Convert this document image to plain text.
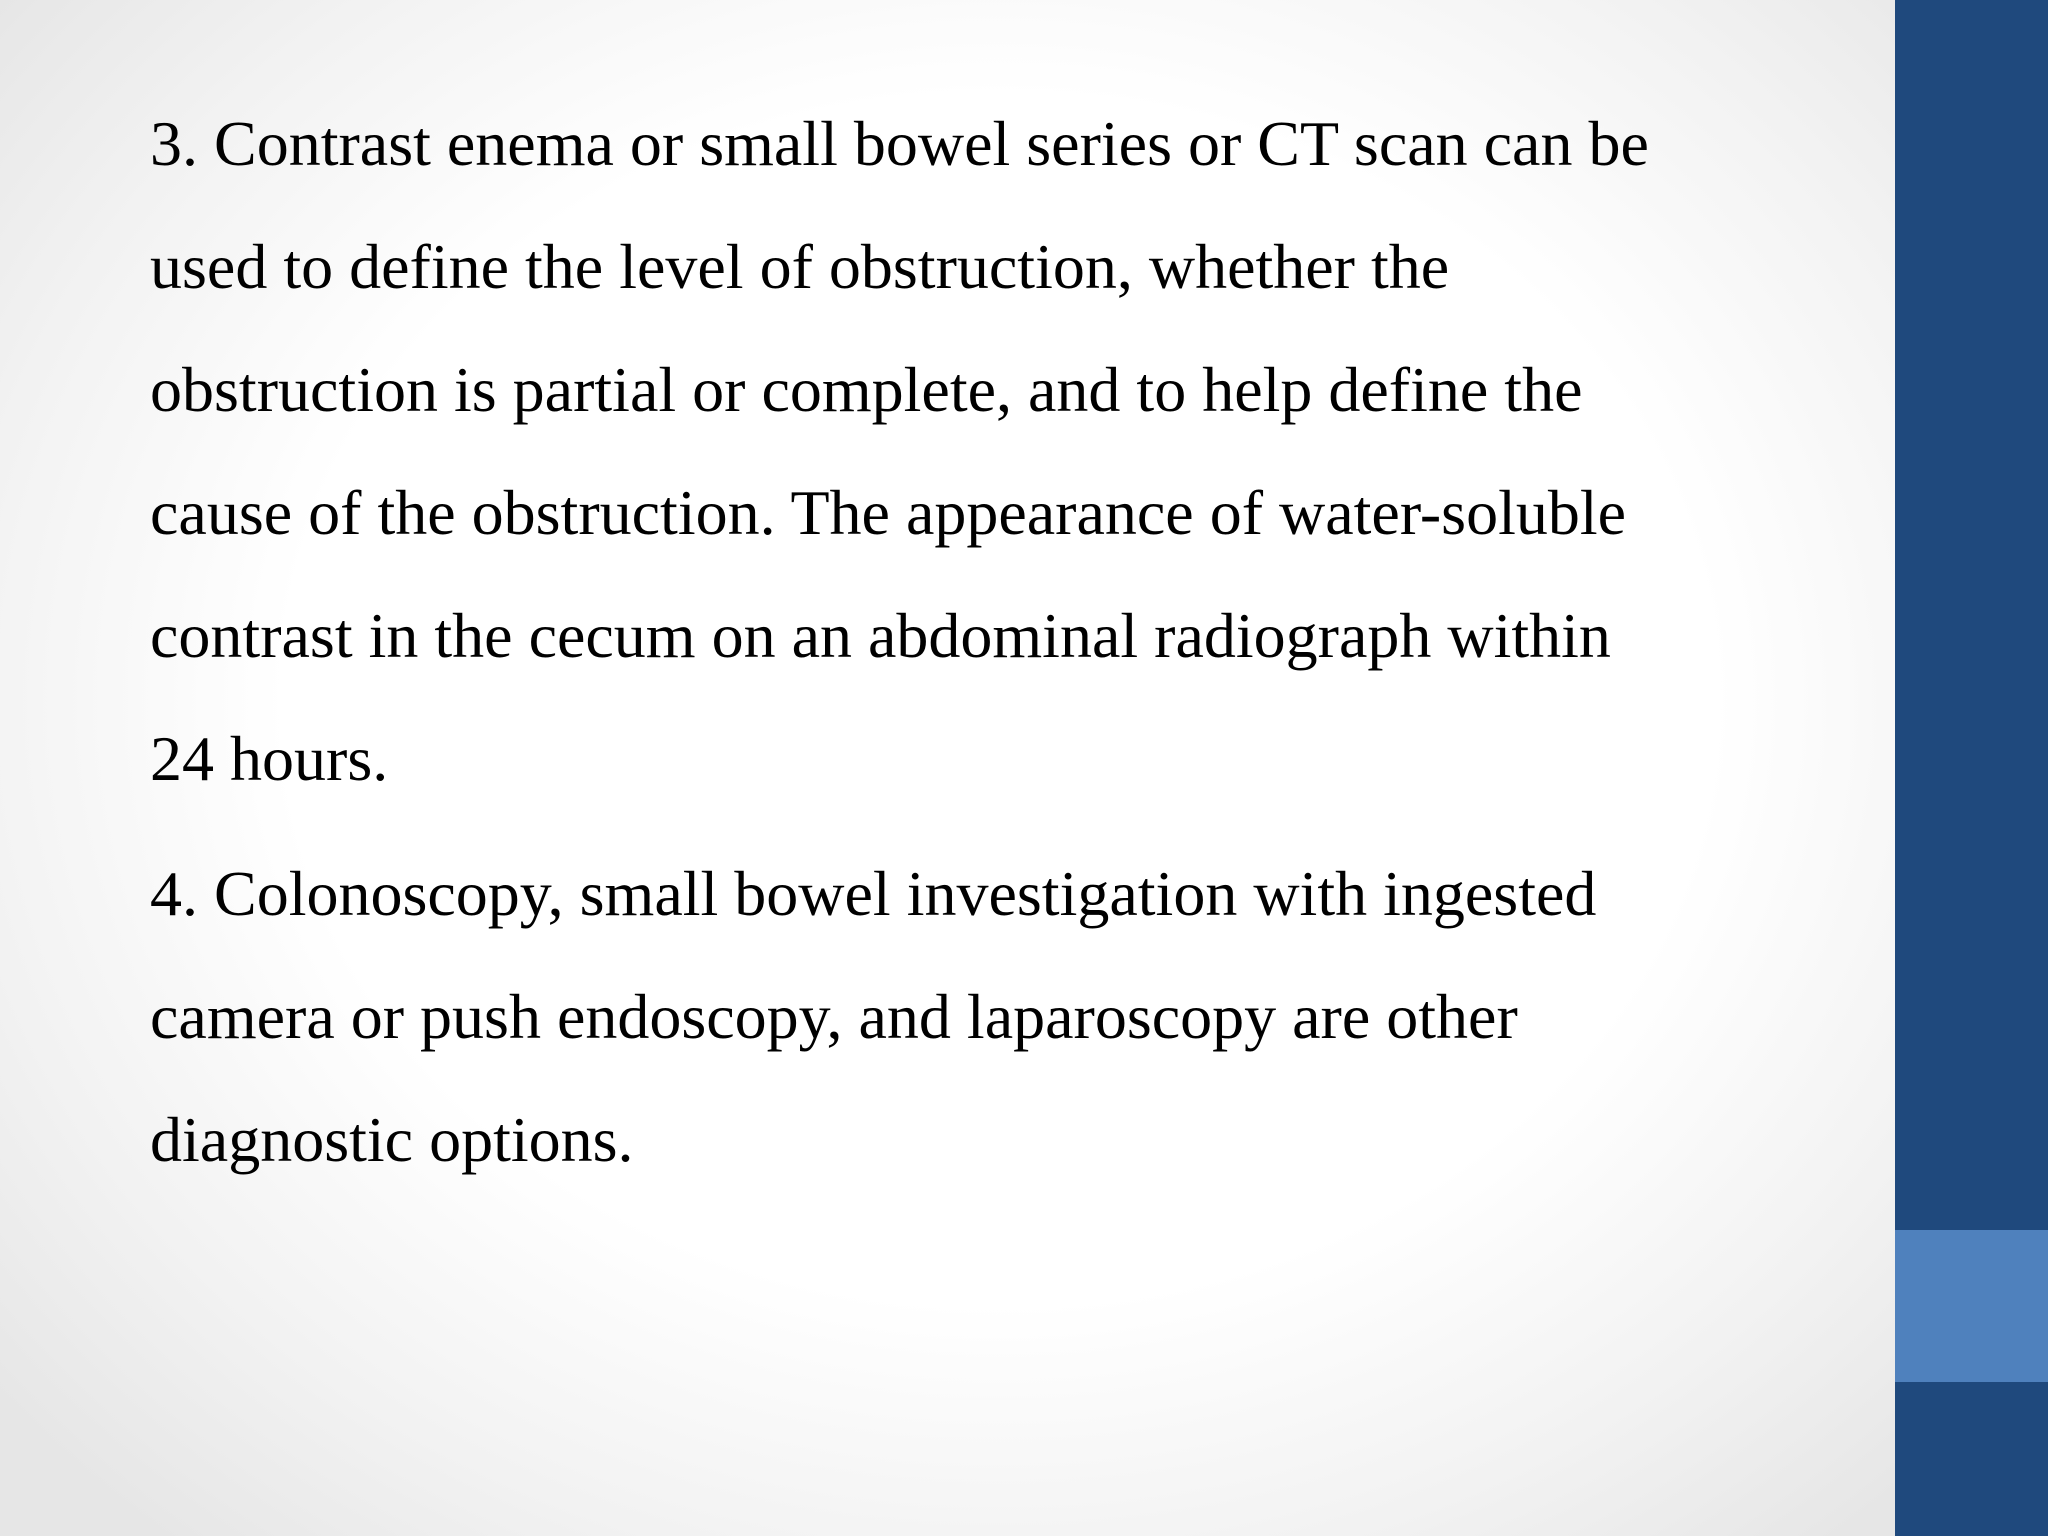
3. Contrast enema or small bowel series or CT scan can be
used to define the level of obstruction, whether the
obstruction is partial or complete, and to help define the
cause of the obstruction. The appearance of water-soluble
contrast in the cecum on an abdominal radiograph within
24 hours.

4. Colonoscopy, small bowel investigation with ingested
camera or push endoscopy, and laparoscopy are other
diagnostic options.
